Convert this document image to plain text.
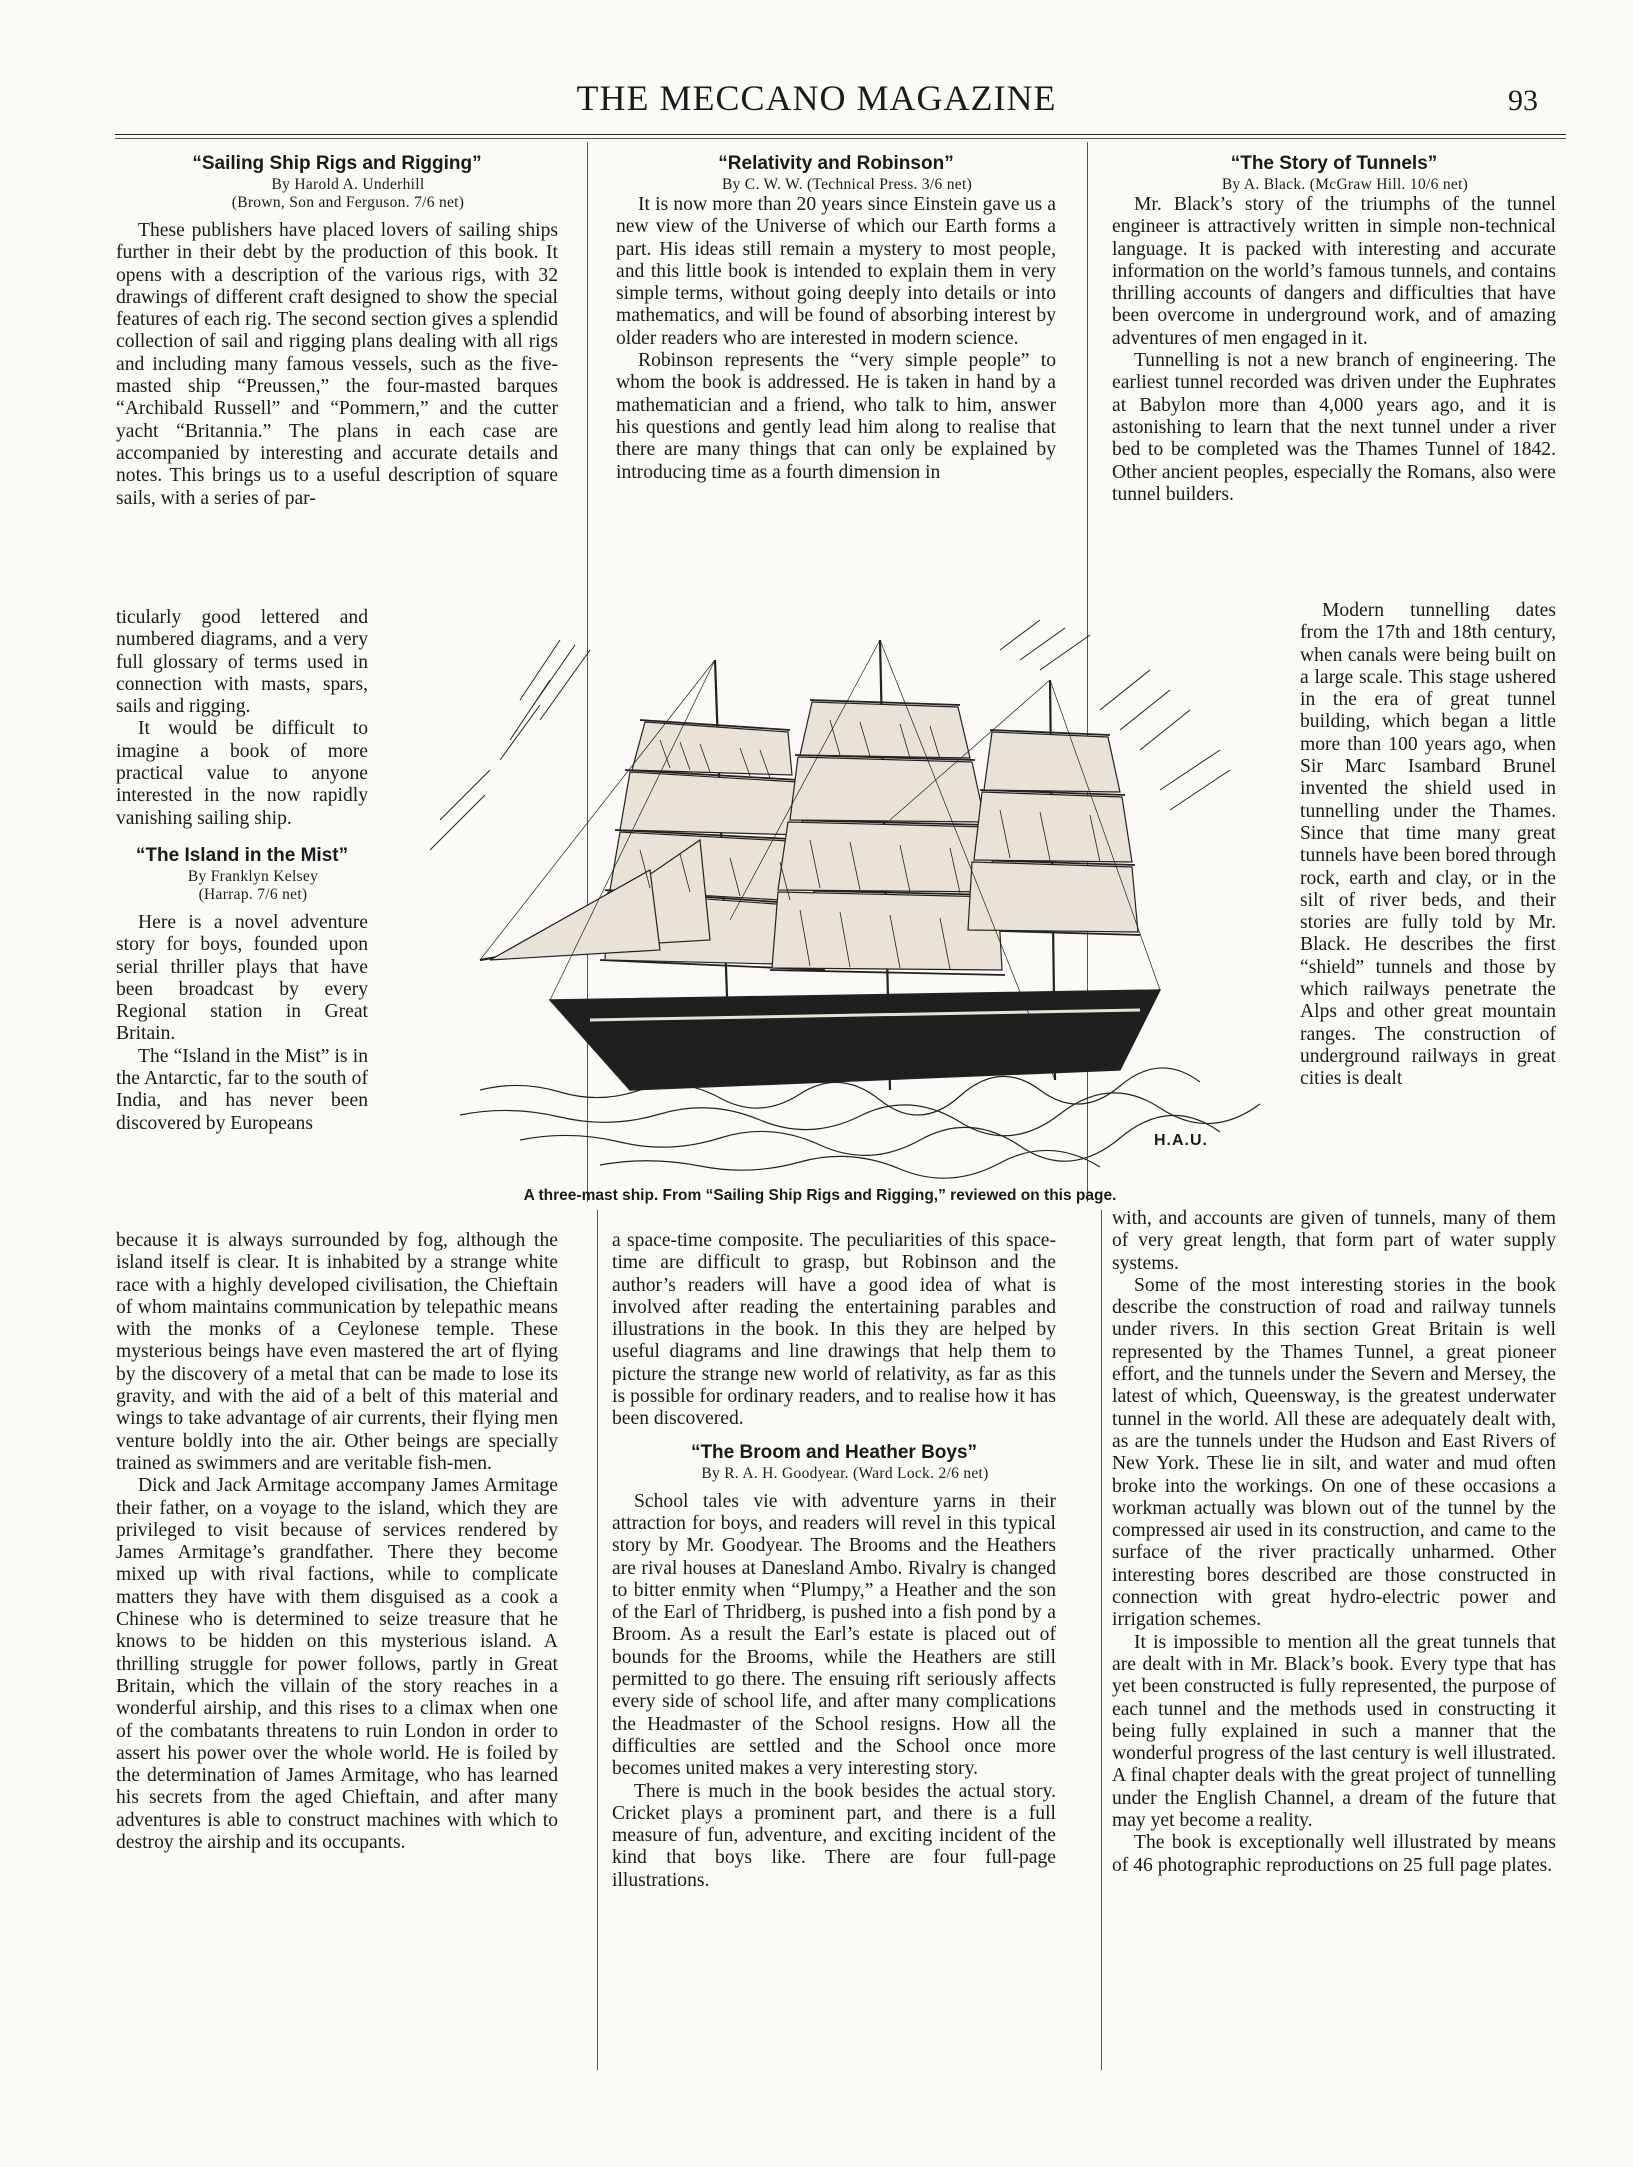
THE MECCANO MAGAZINE	93
“Sailing Ship Rigs and Rigging”

By Harold A. Underhill

(Brown, Son and Ferguson. 7/6 net)

These publishers have placed lovers of sailing ships further in their debt by the production of this book. It opens with a description of the various rigs, with 32 drawings of different craft designed to show the special features of each rig. The second section gives a splendid collection of sail and rigging plans dealing with all rigs and including many famous vessels, such as the five-masted ship “Preussen,” the four-masted barques “Archibald Russell” and “Pommern,” and the cutter yacht “Britannia.” The plans in each case are accompanied by interesting and accurate details and notes. This brings us to a useful description of square sails, with a series of par-

ticularly good lettered and numbered diagrams, and a very full glossary of terms used in connection with masts, spars, sails and rigging.

It would be difficult to imagine a book of more practical value to anyone interested in the now rapidly vanishing sailing ship.

“The Island in the Mist”

By Franklyn Kelsey

(Harrap. 7/6 net)

Here is a novel adventure story for boys, founded upon serial thriller plays that have been broadcast by every Regional station in Great Britain.

The “Island in the Mist” is in the Antarctic, far to the south of India, and has never been discovered by Europeans

because it is always surrounded by fog, although the island itself is clear. It is inhabited by a strange white race with a highly developed civilisation, the Chieftain of whom maintains communication by telepathic means with the monks of a Ceylonese temple. These mysterious beings have even mastered the art of flying by the discovery of a metal that can be made to lose its gravity, and with the aid of a belt of this material and wings to take advantage of air currents, their flying men venture boldly into the air. Other beings are specially trained as swimmers and are veritable fish-men.

Dick and Jack Armitage accompany James Armitage their father, on a voyage to the island, which they are privileged to visit because of services rendered by James Armitage’s grandfather. There they become mixed up with rival factions, while to complicate matters they have with them disguised as a cook a Chinese who is determined to seize treasure that he knows to be hidden on this mysterious island. A thrilling struggle for power follows, partly in Great Britain, which the villain of the story reaches in a wonderful airship, and this rises to a climax when one of the combatants threatens to ruin London in order to assert his power over the whole world. He is foiled by the determination of James Armitage, who has learned his secrets from the aged Chieftain, and after many adventures is able to construct machines with which to destroy the airship and its occupants.

“Relativity and Robinson”

By C. W. W. (Technical Press. 3/6 net)

It is now more than 20 years since Einstein gave us a new view of the Universe of which our Earth forms a part. His ideas still remain a mystery to most people, and this little book is intended to explain them in very simple terms, without going deeply into details or into mathematics, and will be found of absorbing interest by older readers who are interested in modern science.

Robinson represents the “very simple people” to whom the book is addressed. He is taken in hand by a mathematician and a friend, who talk to him, answer his questions and gently lead him along to realise that there are many things that can only be explained by introducing time as a fourth dimension in

a space-time composite. The peculiarities of this space-time are difficult to grasp, but Robinson and the author’s readers will have a good idea of what is involved after reading the entertaining parables and illustrations in the book. In this they are helped by useful diagrams and line drawings that help them to picture the strange new world of relativity, as far as this is possible for ordinary readers, and to realise how it has been discovered.

“The Broom and Heather Boys”

By R. A. H. Goodyear. (Ward Lock. 2/6 net)

School tales vie with adventure yarns in their attraction for boys, and readers will revel in this typical story by Mr. Goodyear. The Brooms and the Heathers are rival houses at Danesland Ambo. Rivalry is changed to bitter enmity when “Plumpy,” a Heather and the son of the Earl of Thridberg, is pushed into a fish pond by a Broom. As a result the Earl’s estate is placed out of bounds for the Brooms, while the Heathers are still permitted to go there. The ensuing rift seriously affects every side of school life, and after many complications the Headmaster of the School resigns. How all the difficulties are settled and the School once more becomes united makes a very interesting story.

There is much in the book besides the actual story. Cricket plays a prominent part, and there is a full measure of fun, adventure, and exciting incident of the kind that boys like. There are four full-page illustrations.

“The Story of Tunnels”

By A. Black. (McGraw Hill. 10/6 net)

Mr. Black’s story of the triumphs of the tunnel engineer is attractively written in simple non-technical language. It is packed with interesting and accurate information on the world’s famous tunnels, and contains thrilling accounts of dangers and difficulties that have been overcome in underground work, and of amazing adventures of men engaged in it.

Tunnelling is not a new branch of engineering. The earliest tunnel recorded was driven under the Euphrates at Babylon more than 4,000 years ago, and it is astonishing to learn that the next tunnel under a river bed to be completed was the Thames Tunnel of 1842. Other ancient peoples, especially the Romans, also were tunnel builders.

Modern tunnelling dates from the 17th and 18th century, when canals were being built on a large scale. This stage ushered in the era of great tunnel building, which began a little more than 100 years ago, when Sir Marc Isambard Brunel invented the shield used in tunnelling under the Thames. Since that time many great tunnels have been bored through rock, earth and clay, or in the silt of river beds, and their stories are fully told by Mr. Black. He describes the first “shield” tunnels and those by which railways penetrate the Alps and other great mountain ranges. The construction of underground railways in great cities is dealt

with, and accounts are given of tunnels, many of them of very great length, that form part of water supply systems.

Some of the most interesting stories in the book describe the construction of road and railway tunnels under rivers. In this section Great Britain is well represented by the Thames Tunnel, a great pioneer effort, and the tunnels under the Severn and Mersey, the latest of which, Queensway, is the greatest underwater tunnel in the world. All these are adequately dealt with, as are the tunnels under the Hudson and East Rivers of New York. These lie in silt, and water and mud often broke into the workings. On one of these occasions a workman actually was blown out of the tunnel by the compressed air used in its construction, and came to the surface of the river practically unharmed. Other interesting bores described are those constructed in connection with great hydro-electric power and irrigation schemes.

It is impossible to mention all the great tunnels that are dealt with in Mr. Black’s book. Every type that has yet been constructed is fully represented, the purpose of each tunnel and the methods used in constructing it being fully explained in such a manner that the wonderful progress of the last century is well illustrated. A final chapter deals with the great project of tunnelling under the English Channel, a dream of the future that may yet become a reality.

The book is exceptionally well illustrated by means of 46 photographic reproductions on 25 full page plates.

H.A.U.
A three-mast ship. From “Sailing Ship Rigs and Rigging,” reviewed on this page.
